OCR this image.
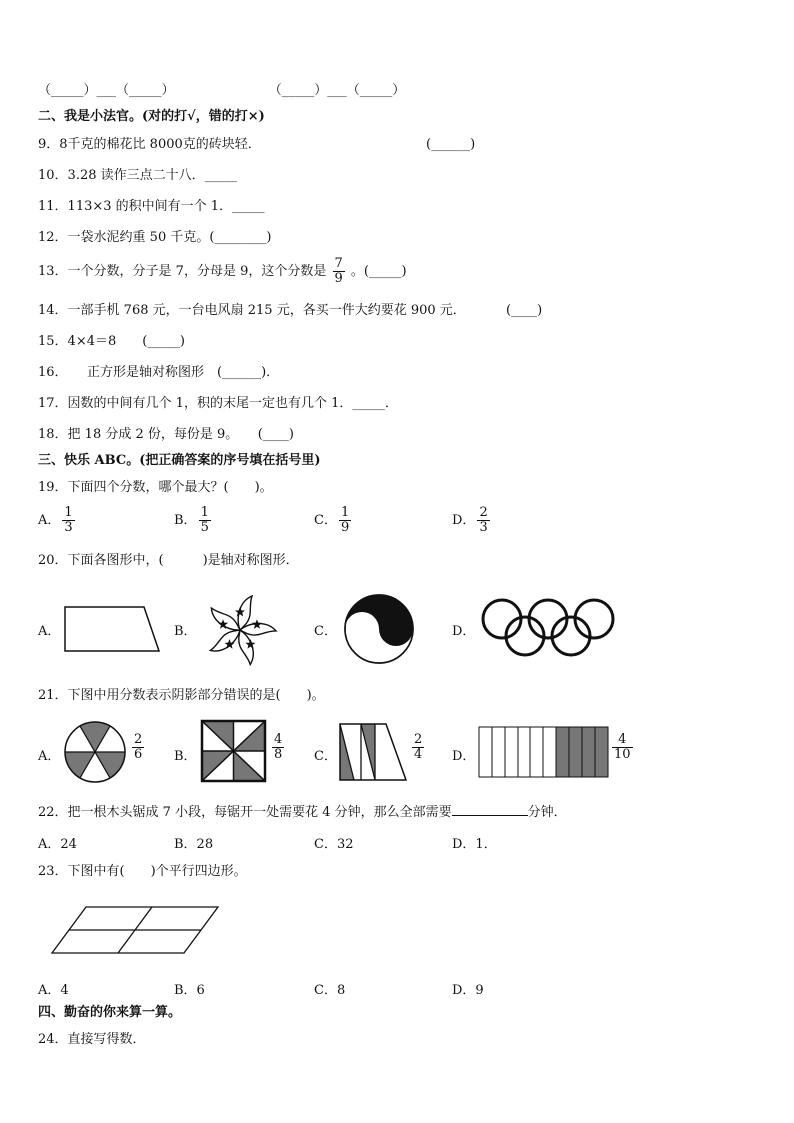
（_____）___（_____）	（_____）___（_____）
二、我是小法官。(对的打√，错的打×)
9．8千克的棉花比 8000克的砖块轻．	(______)
10．3.28 读作三点二十八．_____
11．113×3 的积中间有一个 1．_____
12．一袋水泥约重 50 千克。(________)
13．一个分数，分子是 7，分母是 9，这个分数是 $\frac{7}{9}$ 。(_____)
14．一部手机 768 元，一台电风扇 215 元，各买一件大约要花 900 元．	(____)
15．4×4＝8　　(_____)
16．　　正方形是轴对称图形　(______)．
17．因数的中间有几个 1，积的末尾一定也有几个 1．_____．
18．把 18 分成 2 份，每份是 9。　　(____)
三、快乐 ABC。(把正确答案的序号填在括号里)
19．下面四个分数，哪个最大？(　　)。
A． $\frac{1}{3}$	B． $\frac{1}{5}$	C． $\frac{1}{9}$	D． $\frac{2}{3}$
20．下面各图形中，(　　　)是轴对称图形．
A．	B．	C．	D．
21．下图中用分数表示阴影部分错误的是(　　)。
A．	$\frac{2}{6}$ B．	$\frac{4}{8}$ C．	$\frac{2}{4}$ D．	$\frac{4}{10}$
22．把一根木头锯成 7 小段，每锯开一处需要花 4 分钟，那么全部需要	分钟．
A．24	B．28	C．32	D．1．
23．下图中有(　　)个平行四边形。
A．4	B．6	C．8	D．9
四、勤奋的你来算一算。
24．直接写得数．
